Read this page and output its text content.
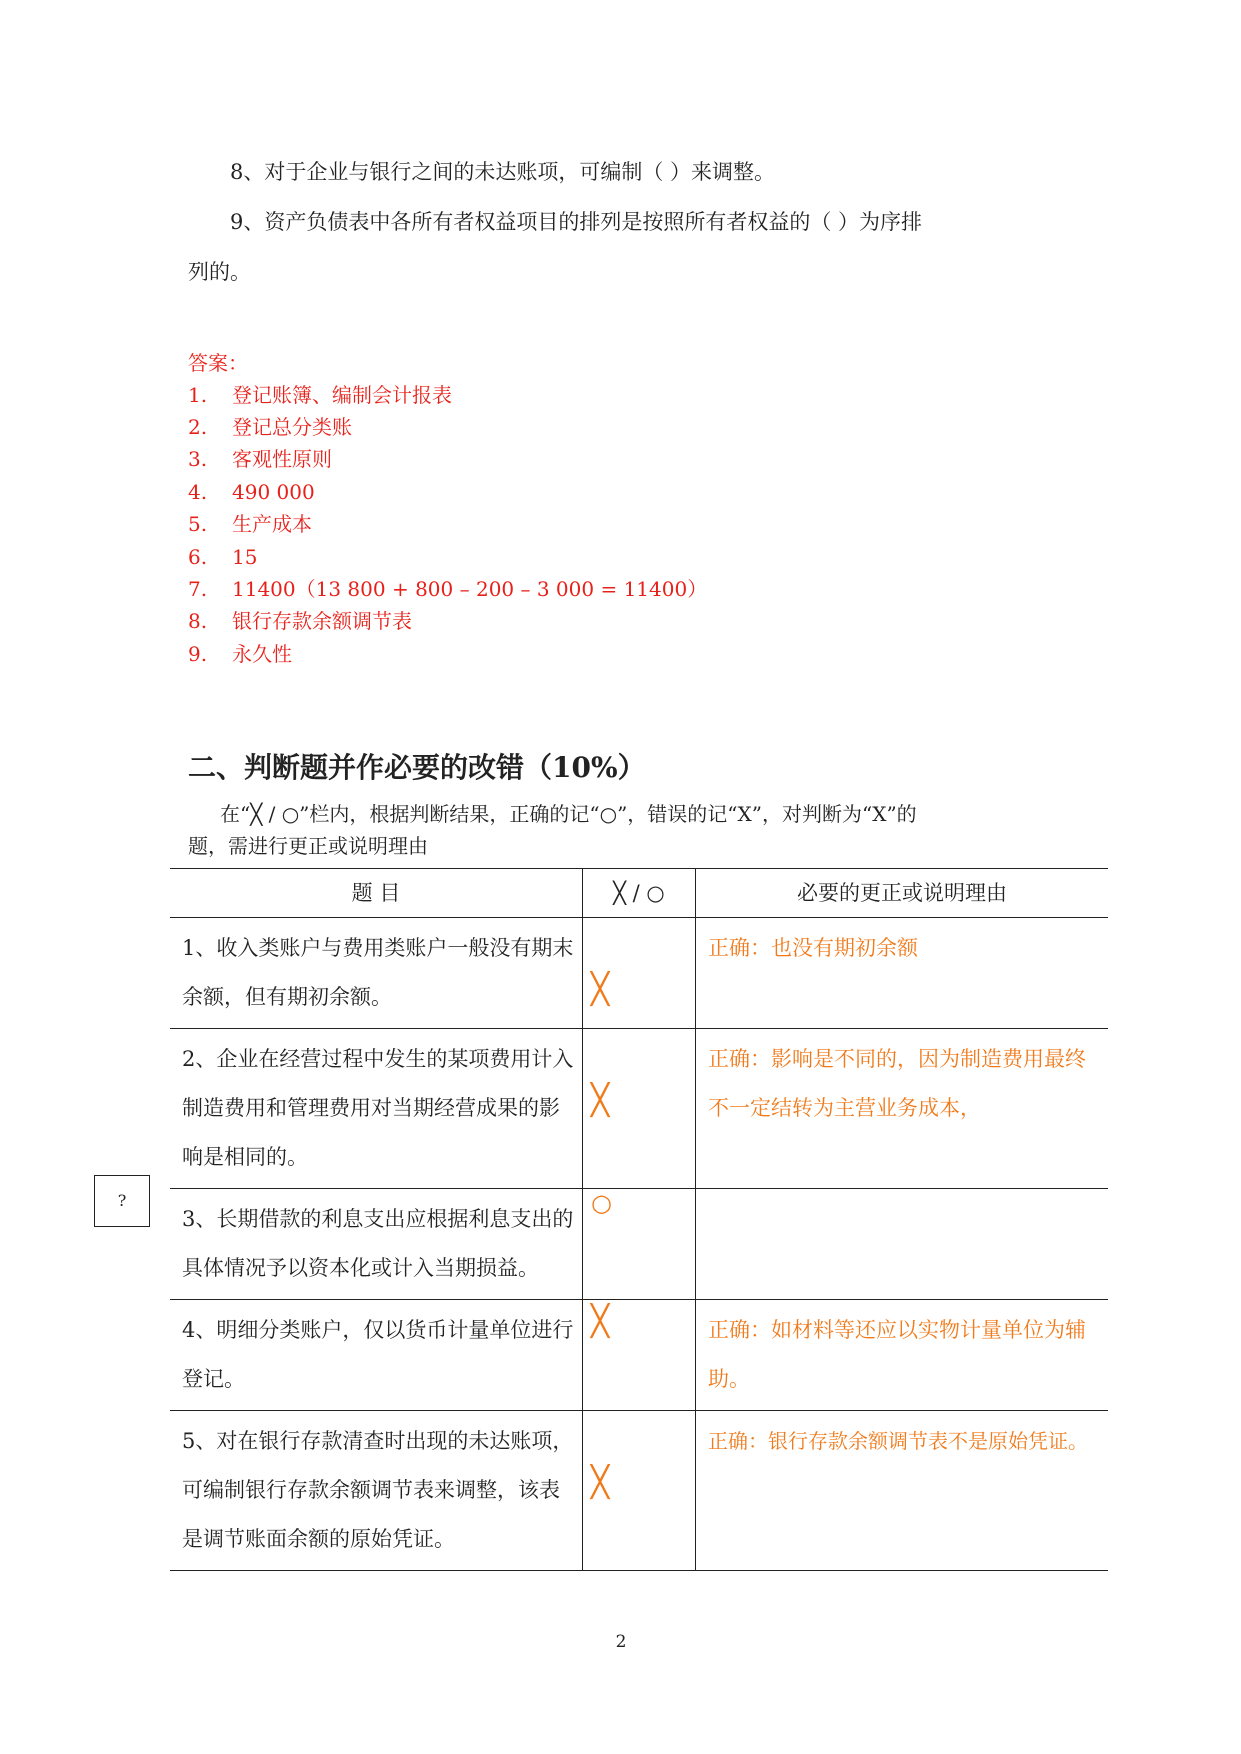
8、对于企业与银行之间的未达账项，可编制（ ）来调整。
9、资产负债表中各所有者权益项目的排列是按照所有者权益的（ ）为序排
列的。
答案：
1. 登记账簿、编制会计报表
2. 登记总分类账
3. 客观性原则
4. 490 000
5. 生产成本
6. 15
7. 11400（13 800 + 800 – 200 – 3 000 = 11400）
8. 银行存款余额调节表
9. 永久性
二、判断题并作必要的改错（10%）
在“╳ / ○”栏内，根据判断结果，正确的记“○”，错误的记“Χ”，对判断为“Χ”的
题，需进行更正或说明理由
题 目	╳ / ○	必要的更正或说明理由

1、收入类账户与费用类账户一般没有期末余额，但有期初余额。	╳	正确：也没有期初余额

2、企业在经营过程中发生的某项费用计入制造费用和管理费用对当期经营成果的影响是相同的。	╳	正确：影响是不同的，因为制造费用最终不一定结转为主营业务成本，

3、长期借款的利息支出应根据利息支出的具体情况予以资本化或计入当期损益。	○	

4、明细分类账户，仅以货币计量单位进行登记。	╳	正确：如材料等还应以实物计量单位为辅助。

5、对在银行存款清查时出现的未达账项，可编制银行存款余额调节表来调整，该表是调节账面余额的原始凭证。	╳	正确：银行存款余额调节表不是原始凭证。
?
2
